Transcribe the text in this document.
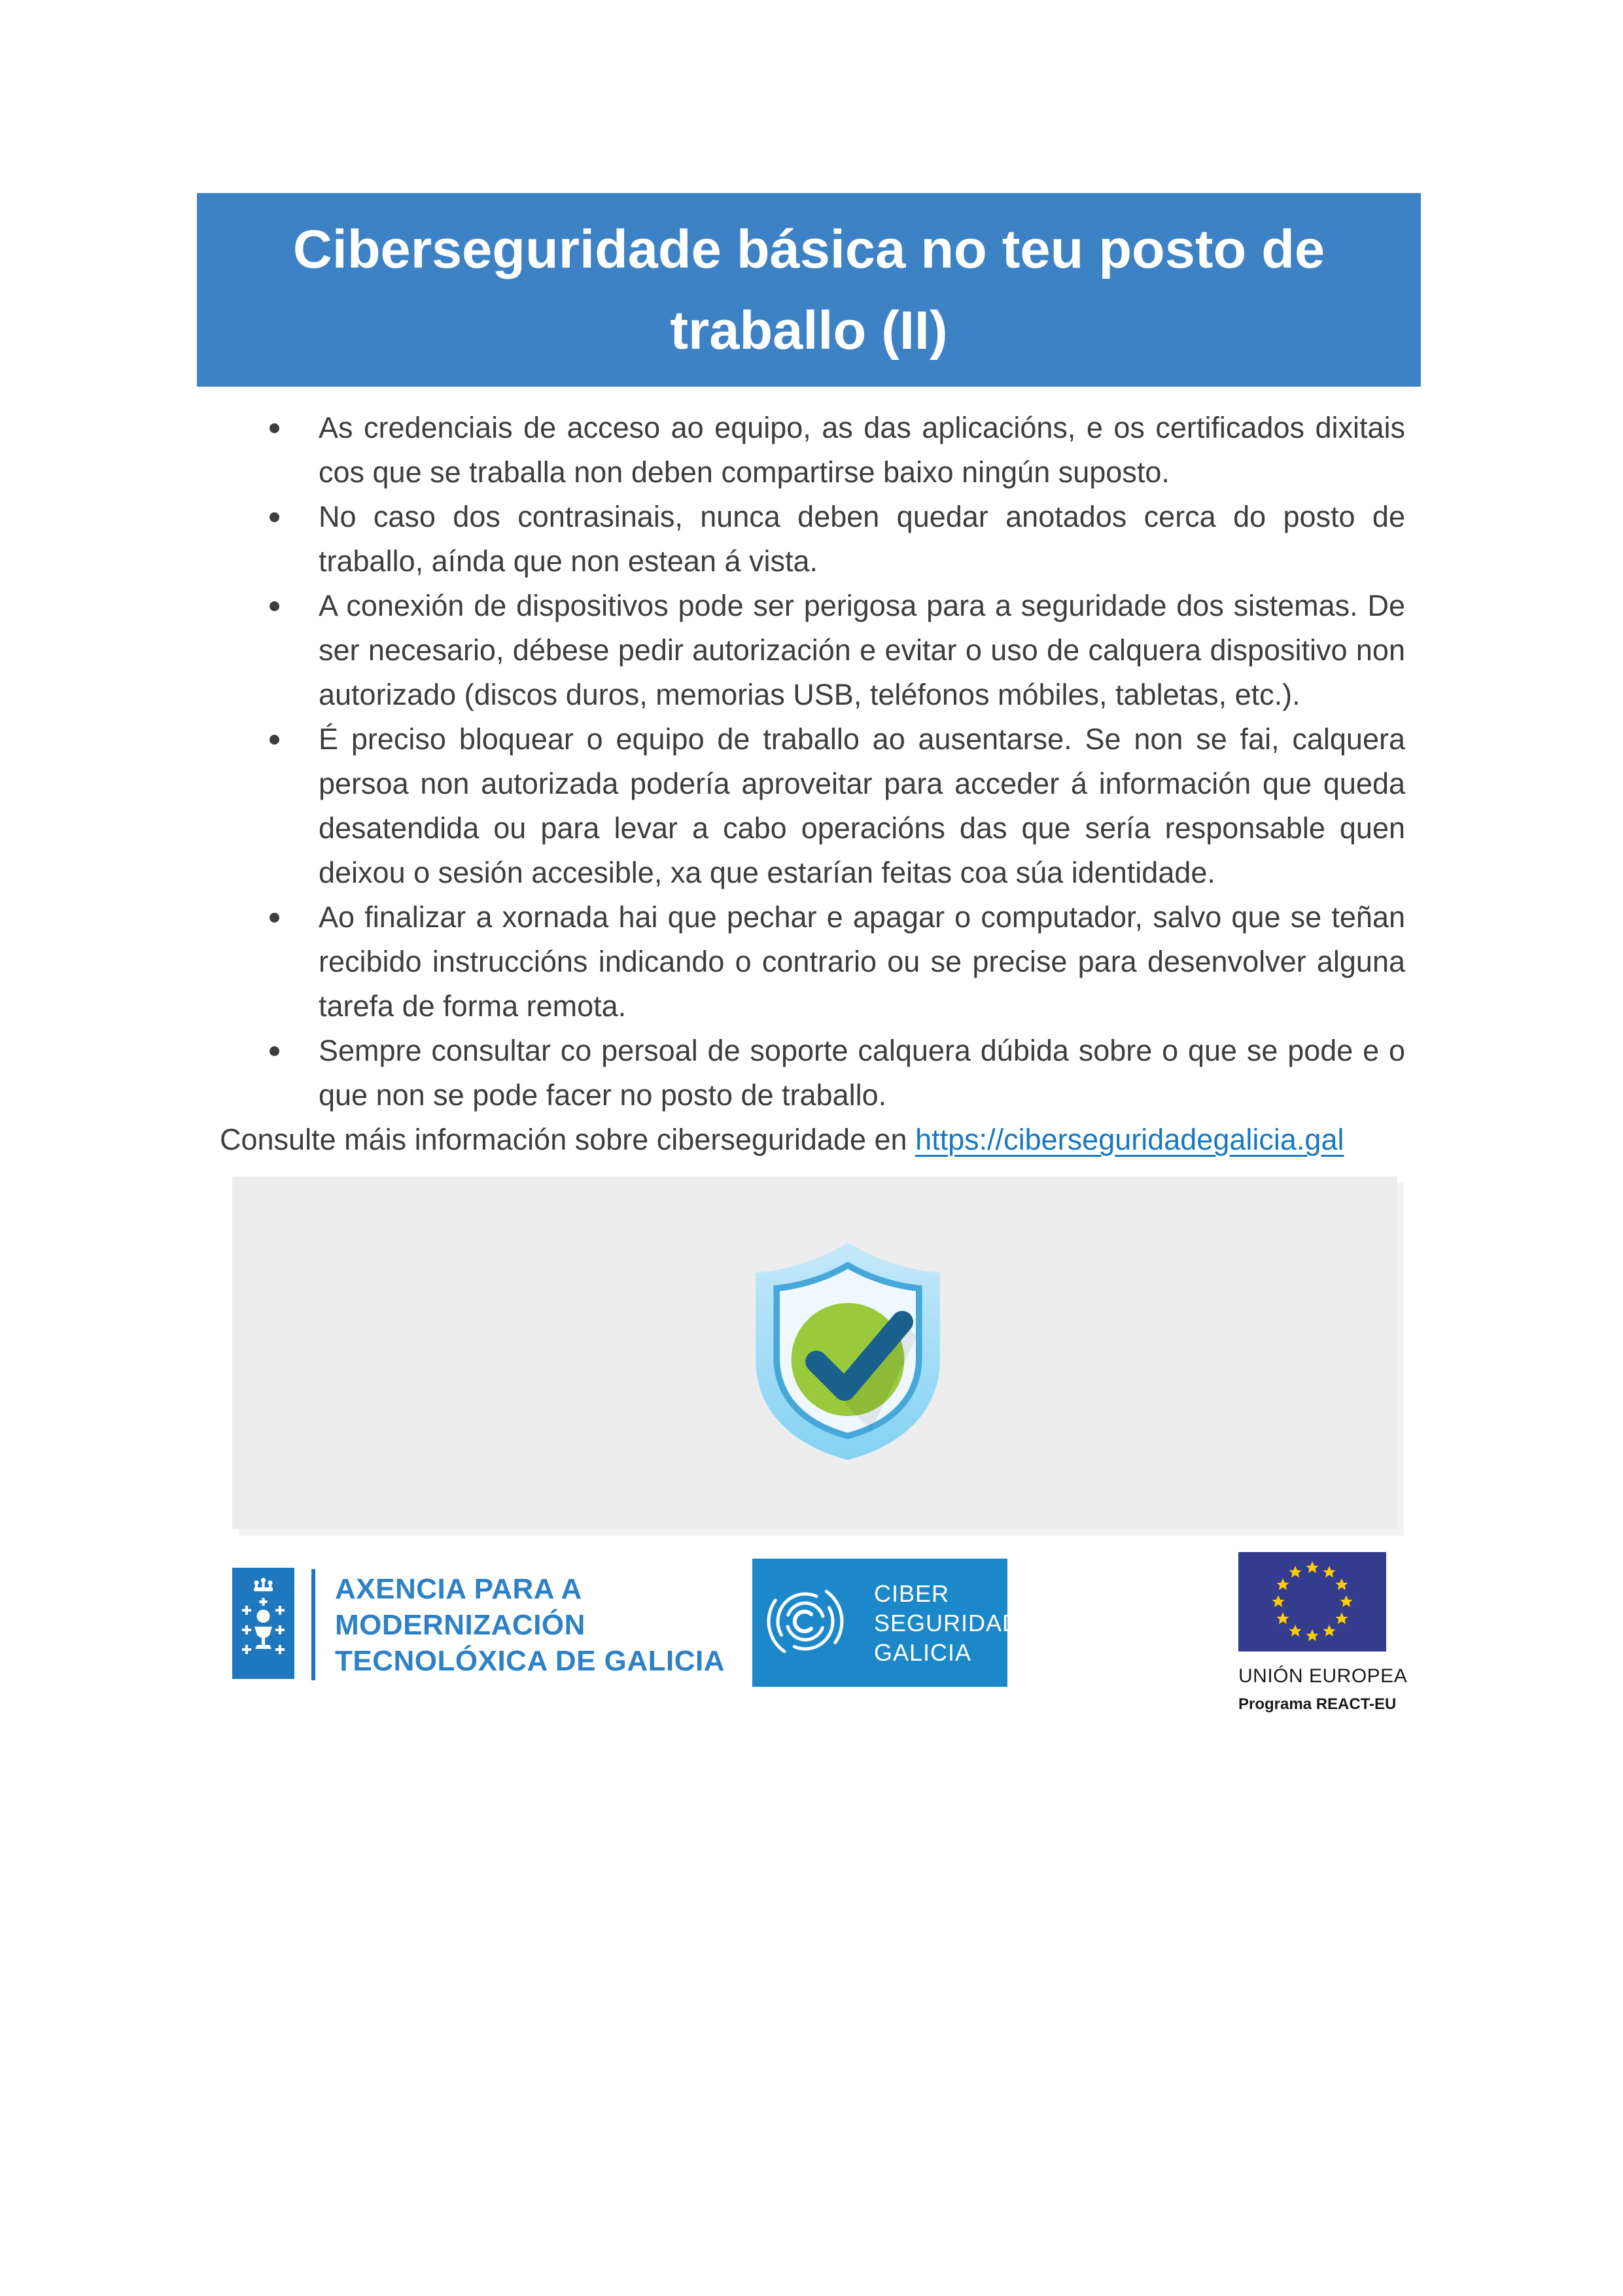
Ciberseguridade básica no teu posto de
traballo (II)
As credenciais de acceso ao equipo, as das aplicacións, e os certificados dixitais cos que se traballa non deben compartirse baixo ningún suposto.
No caso dos contrasinais, nunca deben quedar anotados cerca do posto de traballo, aínda que non estean á vista.
A conexión de dispositivos pode ser perigosa para a seguridade dos sistemas. De ser necesario, débese pedir autorización e evitar o uso de calquera dispositivo non autorizado (discos duros, memorias USB, teléfonos móbiles, tabletas, etc.).
É preciso bloquear o equipo de traballo ao ausentarse. Se non se fai, calquera persoa non autorizada podería aproveitar para acceder á información que queda desatendida ou para levar a cabo operacións das que sería responsable quen deixou o sesión accesible, xa que estarían feitas coa súa identidade.
Ao finalizar a xornada hai que pechar e apagar o computador, salvo que se teñan recibido instruccións indicando o contrario ou se precise para desenvolver alguna tarefa de forma remota.
Sempre consultar co persoal de soporte calquera dúbida sobre o que se pode e o que non se pode facer no posto de traballo.

Consulte máis información sobre ciberseguridade en https://ciberseguridadegalicia.gal

AXENCIA PARA A
MODERNIZACIÓN
TECNOLÓXICA DE GALICIA
CIBER
SEGURIDADE
GALICIA
UNIÓN EUROPEA
Programa REACT-EU
